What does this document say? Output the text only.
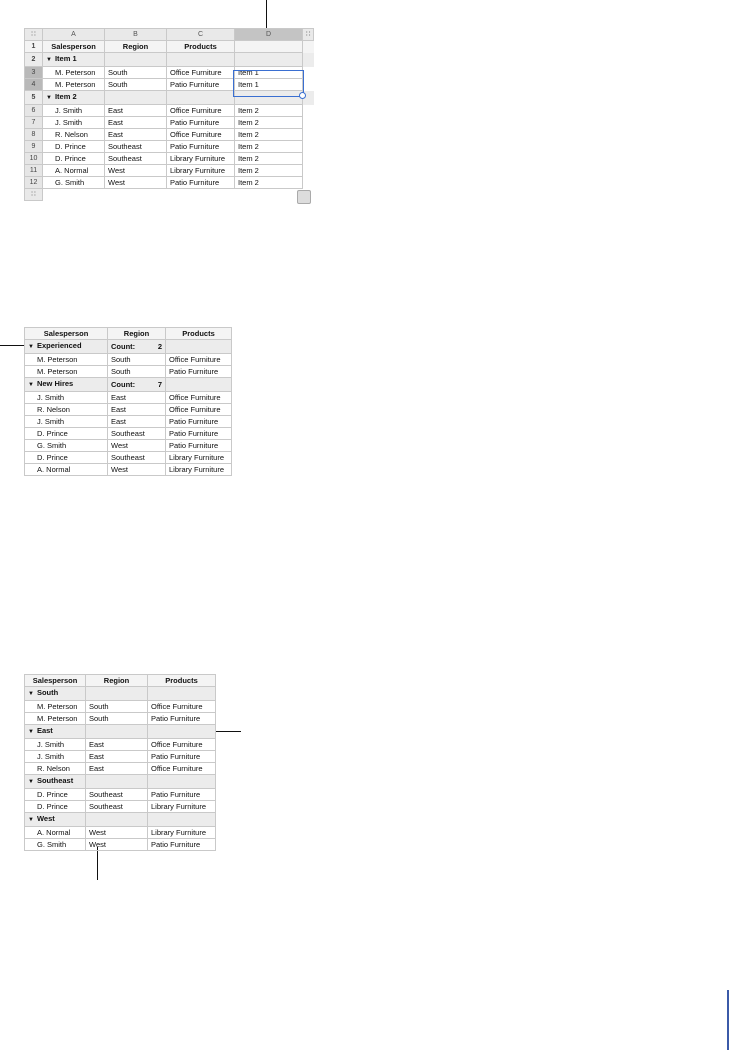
∷	A	B	C	D	∷
1	Salesperson	Region	Products		
2	▼ Item 1				
3	M. Peterson	South	Office Furniture	Item 1	
4	M. Peterson	South	Patio Furniture	Item 1	
5	▼ Item 2				
6	J. Smith	East	Office Furniture	Item 2	
7	J. Smith	East	Patio Furniture	Item 2	
8	R. Nelson	East	Office Furniture	Item 2	
9	D. Prince	Southeast	Patio Furniture	Item 2	
10	D. Prince	Southeast	Library Furniture	Item 2	
11	A. Normal	West	Library Furniture	Item 2	
12	G. Smith	West	Patio Furniture	Item 2	
∷					
Salesperson	Region	Products
▼ Experienced	Count: 2	

M. Peterson	South	Office Furniture
M. Peterson	South	Patio Furniture
▼ New Hires	Count: 7	

J. Smith	East	Office Furniture
R. Nelson	East	Office Furniture
J. Smith	East	Patio Furniture
D. Prince	Southeast	Patio Furniture
G. Smith	West	Patio Furniture
D. Prince	Southeast	Library Furniture
A. Normal	West	Library Furniture
Salesperson	Region	Products
▼ South		
M. Peterson	South	Office Furniture
M. Peterson	South	Patio Furniture
▼ East		
J. Smith	East	Office Furniture
J. Smith	East	Patio Furniture
R. Nelson	East	Office Furniture
▼ Southeast		
D. Prince	Southeast	Patio Furniture
D. Prince	Southeast	Library Furniture
▼ West		
A. Normal	West	Library Furniture
G. Smith	West	Patio Furniture
